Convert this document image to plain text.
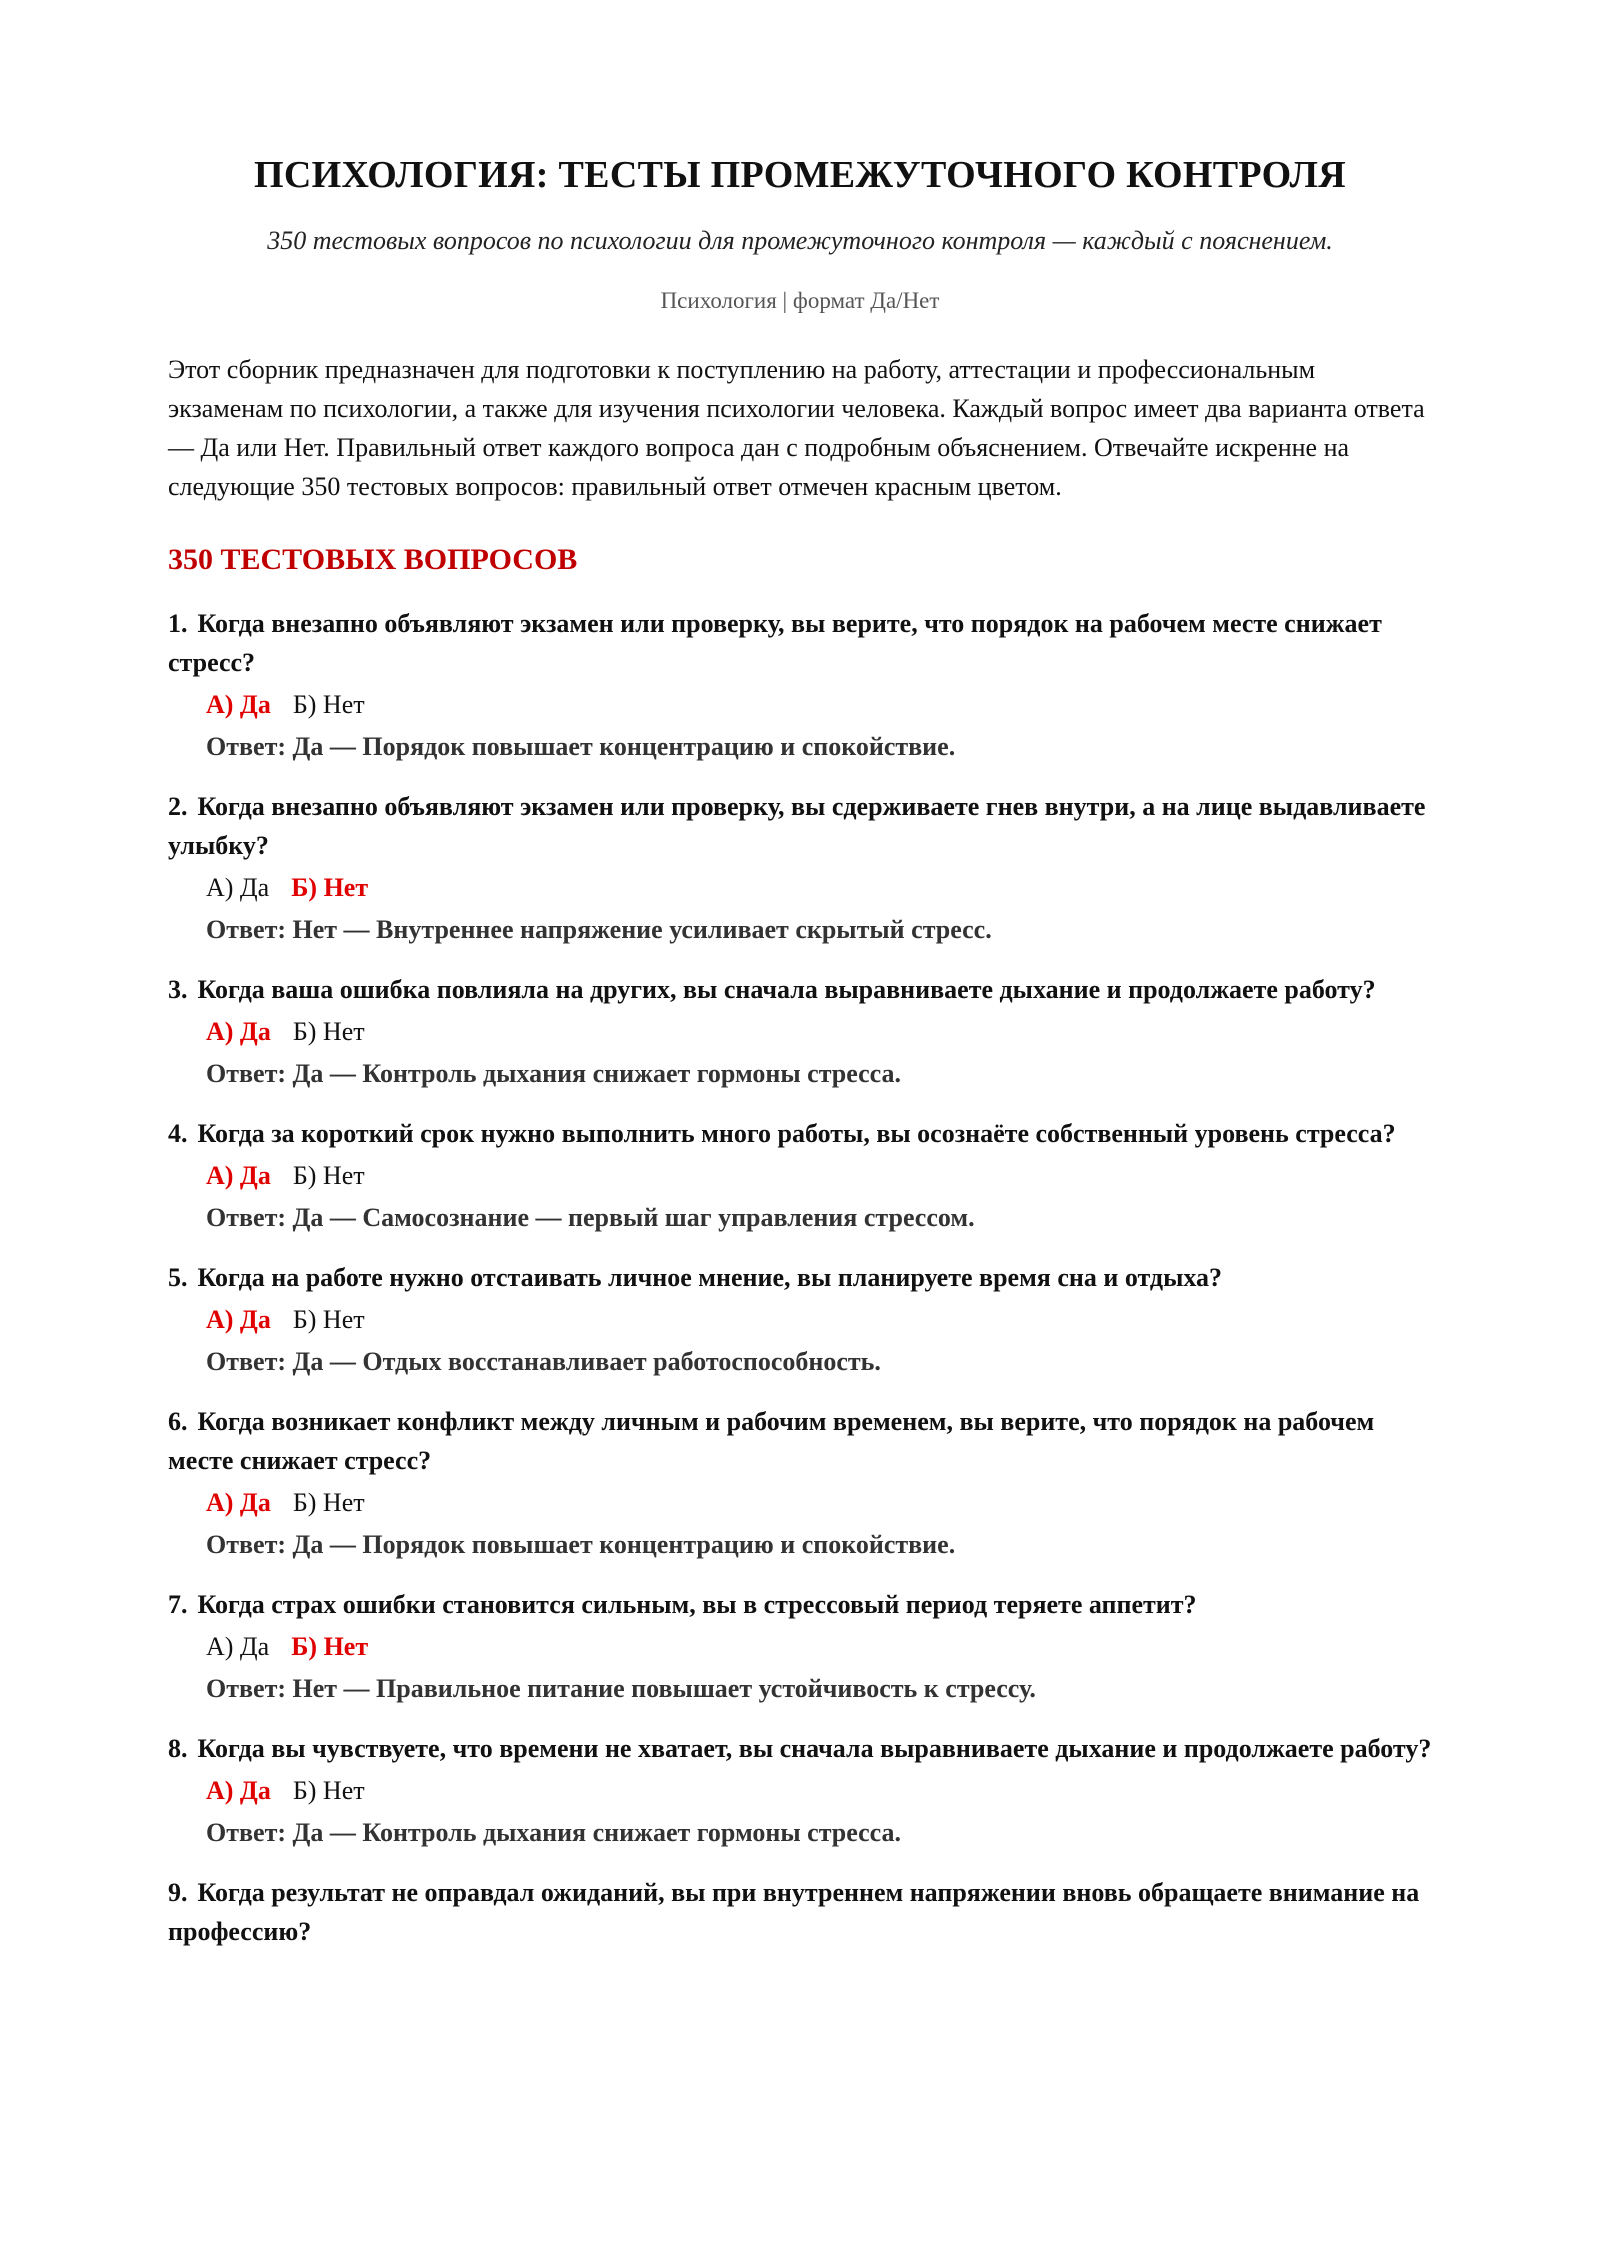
ПСИХОЛОГИЯ: ТЕСТЫ ПРОМЕЖУТОЧНОГО КОНТРОЛЯ

350 тестовых вопросов по психологии для промежуточного контроля — каждый с пояснением.

Психология | формат Да/Нет

Этот сборник предназначен для подготовки к поступлению на работу, аттестации и профессиональным экзаменам по психологии, а также для изучения психологии человека. Каждый вопрос имеет два варианта ответа — Да или Нет. Правильный ответ каждого вопроса дан с подробным объяснением. Отвечайте искренне на следующие 350 тестовых вопросов: правильный ответ отмечен красным цветом.

350 ТЕСТОВЫХ ВОПРОСОВ

1. Когда внезапно объявляют экзамен или проверку, вы верите, что порядок на рабочем месте снижает стресс?

А) Да Б) Нет

Ответ: Да — Порядок повышает концентрацию и спокойствие.

2. Когда внезапно объявляют экзамен или проверку, вы сдерживаете гнев внутри, а на лице выдавливаете улыбку?

А) Да Б) Нет

Ответ: Нет — Внутреннее напряжение усиливает скрытый стресс.

3. Когда ваша ошибка повлияла на других, вы сначала выравниваете дыхание и продолжаете работу?

А) Да Б) Нет

Ответ: Да — Контроль дыхания снижает гормоны стресса.

4. Когда за короткий срок нужно выполнить много работы, вы осознаёте собственный уровень стресса?

А) Да Б) Нет

Ответ: Да — Самосознание — первый шаг управления стрессом.

5. Когда на работе нужно отстаивать личное мнение, вы планируете время сна и отдыха?

А) Да Б) Нет

Ответ: Да — Отдых восстанавливает работоспособность.

6. Когда возникает конфликт между личным и рабочим временем, вы верите, что порядок на рабочем месте снижает стресс?

А) Да Б) Нет

Ответ: Да — Порядок повышает концентрацию и спокойствие.

7. Когда страх ошибки становится сильным, вы в стрессовый период теряете аппетит?

А) Да Б) Нет

Ответ: Нет — Правильное питание повышает устойчивость к стрессу.

8. Когда вы чувствуете, что времени не хватает, вы сначала выравниваете дыхание и продолжаете работу?

А) Да Б) Нет

Ответ: Да — Контроль дыхания снижает гормоны стресса.

9. Когда результат не оправдал ожиданий, вы при внутреннем напряжении вновь обращаете внимание на профессию?
